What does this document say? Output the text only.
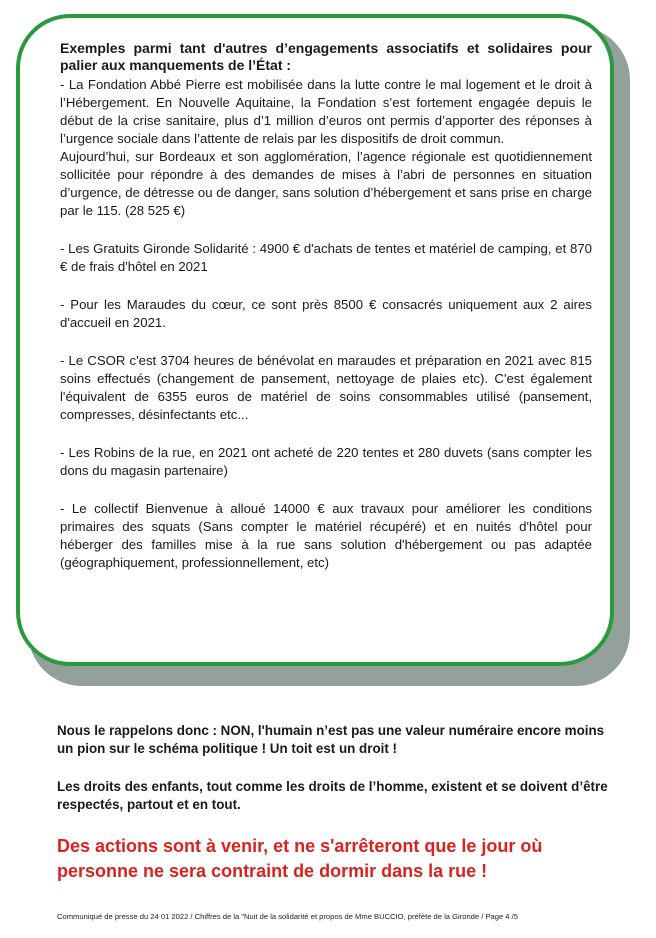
Exemples parmi tant d'autres d’engagements associatifs et solidaires pour palier aux manquements de l’État :

- La Fondation Abbé Pierre est mobilisée dans la lutte contre le mal logement et le droit à l’Hébergement. En Nouvelle Aquitaine, la Fondation s’est fortement engagée depuis le début de la crise sanitaire, plus d’1 million d’euros ont permis d’apporter des réponses à l’urgence sociale dans l’attente de relais par les dispositifs de droit commun.

Aujourd’hui, sur Bordeaux et son agglomération, l’agence régionale est quotidiennement sollicitée pour répondre à des demandes de mises à l’abri de personnes en situation d’urgence, de détresse ou de danger, sans solution d’hébergement et sans prise en charge par le 115. (28 525 €)

- Les Gratuits Gironde Solidarité : 4900 € d'achats de tentes et matériel de camping, et 870 € de frais d'hôtel en 2021

- Pour les Maraudes du cœur, ce sont près 8500 € consacrés uniquement aux 2 aires d'accueil en 2021.

- Le CSOR c'est 3704 heures de bénévolat en maraudes et préparation en 2021 avec 815 soins effectués (changement de pansement, nettoyage de plaies etc). C'est également l'équivalent de 6355 euros de matériel de soins consommables utilisé (pansement, compresses, désinfectants etc...

- Les Robins de la rue, en 2021 ont acheté de 220 tentes et 280 duvets (sans compter les dons du magasin partenaire)

- Le collectif Bienvenue à alloué 14000 € aux travaux pour améliorer les conditions primaires des squats (Sans compter le matériel récupéré) et en nuités d'hôtel pour héberger des familles mise à la rue sans solution d'hébergement ou pas adaptée (géographiquement, professionnellement, etc)

Nous le rappelons donc : NON, l'humain n’est pas une valeur numéraire encore moins un pion sur le schéma politique ! Un toit est un droit !

Les droits des enfants, tout comme les droits de l’homme, existent et se doivent d’être respectés, partout et en tout.

Des actions sont à venir, et ne s'arrêteront que le jour où personne ne sera contraint de dormir dans la rue !

Communiqué de presse du 24 01 2022 / Chiffres de la "Nuit de la solidarité et propos de Mme BUCCIO, préfète de la Gironde / Page 4 /5
